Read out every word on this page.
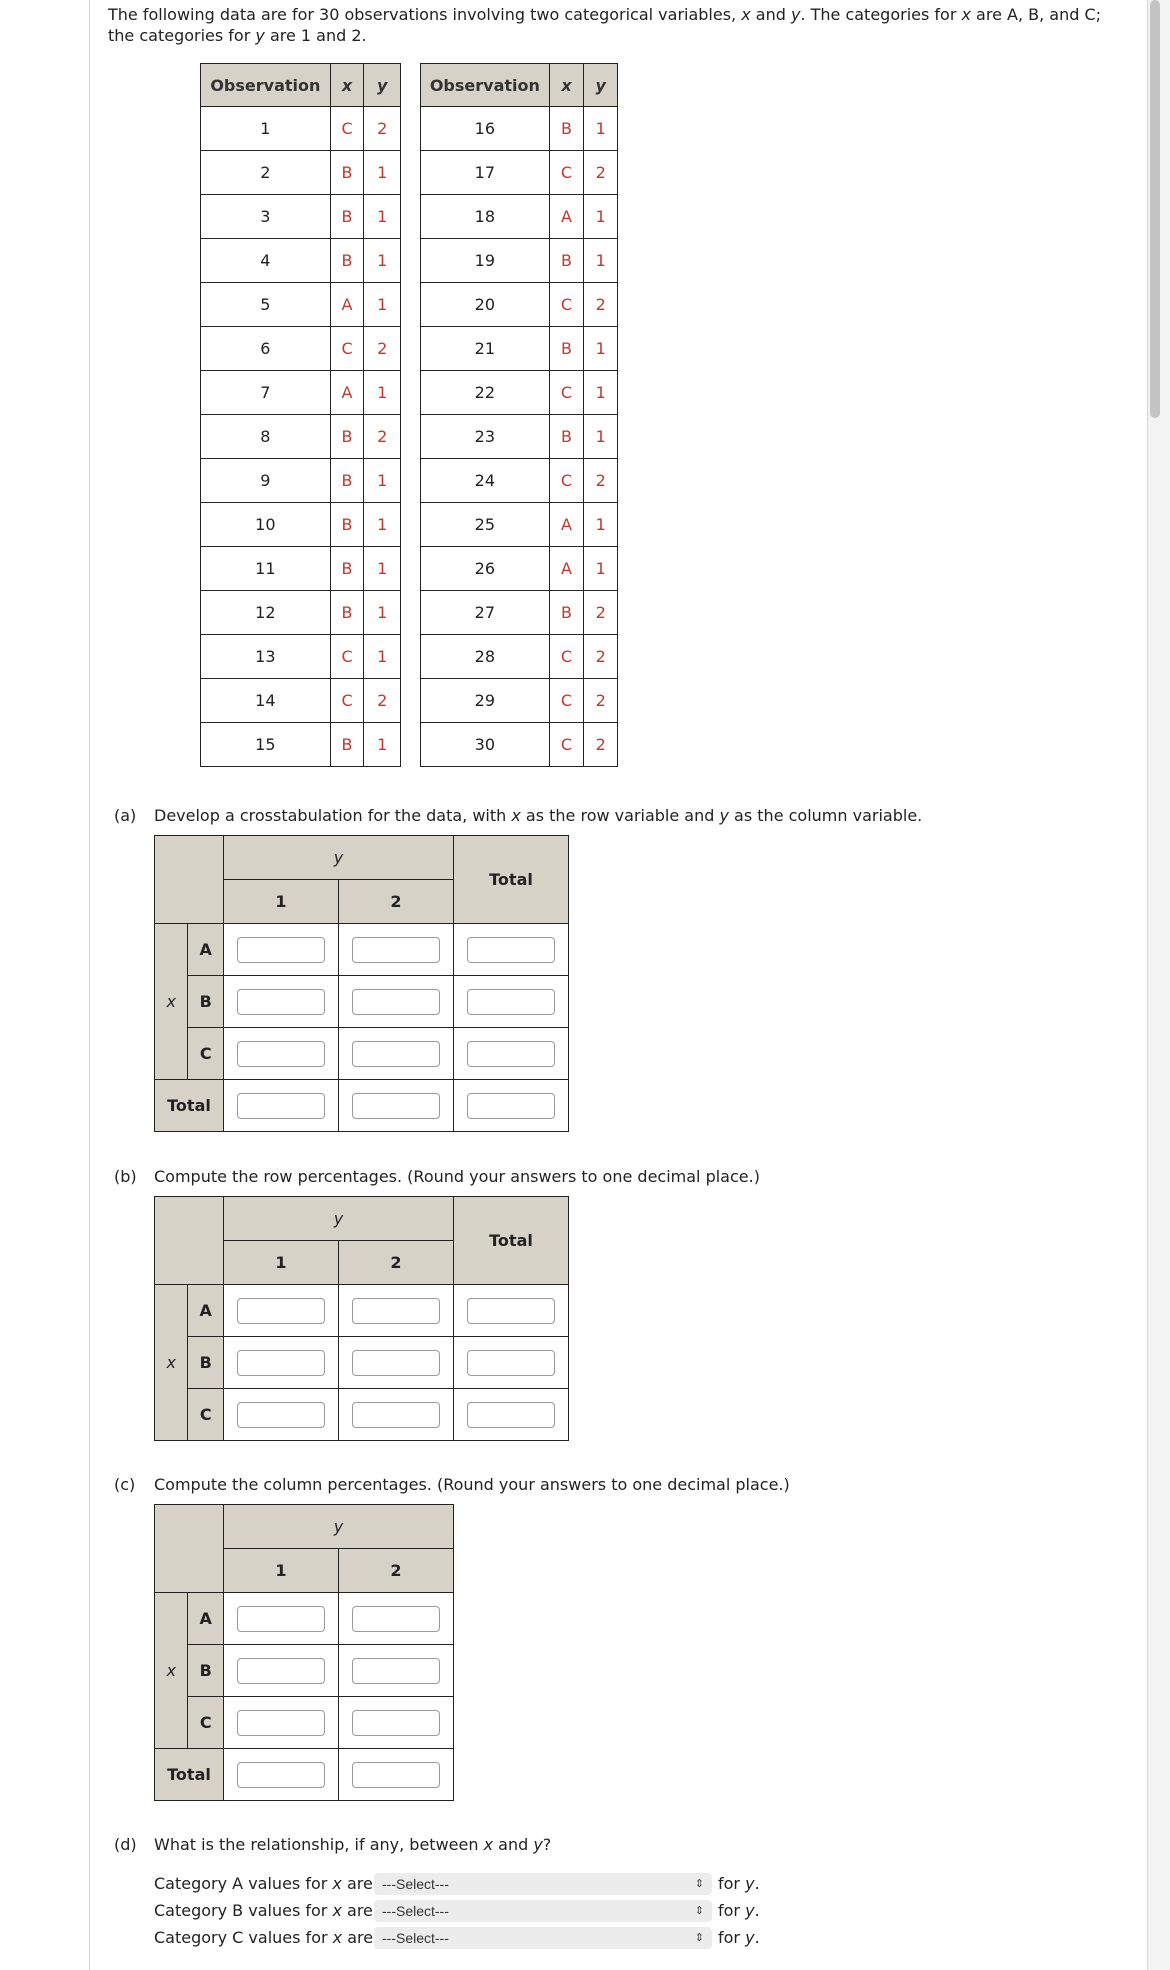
The following data are for 30 observations involving two categorical variables, x and y. The categories for x are A, B, and C; the categories for y are 1 and 2.
Observation	x	y
1	C	2
2	B	1
3	B	1
4	B	1
5	A	1
6	C	2
7	A	1
8	B	2
9	B	1
10	B	1
11	B	1
12	B	1
13	C	1
14	C	2
15	B	1
Observation	x	y
16	B	1
17	C	2
18	A	1
19	B	1
20	C	2
21	B	1
22	C	1
23	B	1
24	C	2
25	A	1
26	A	1
27	B	2
28	C	2
29	C	2
30	C	2
(a) Develop a crosstabulation for the data, with x as the row variable and y as the column variable.
		y		Total
		1	2	
x	A	

	B	

	C	

Total	

(b) Compute the row percentages. (Round your answers to one decimal place.)
		y		Total
		1	2	
x	A	

	B	

	C	

(c) Compute the column percentages. (Round your answers to one decimal place.)
		y	
		1	2
x	A	

	B	

	C	

Total	

(d) What is the relationship, if any, between x and y?
Category A values for x are ---Select---	⇕ for y.
Category B values for x are ---Select---	⇕ for y.
Category C values for x are ---Select---	⇕ for y.
